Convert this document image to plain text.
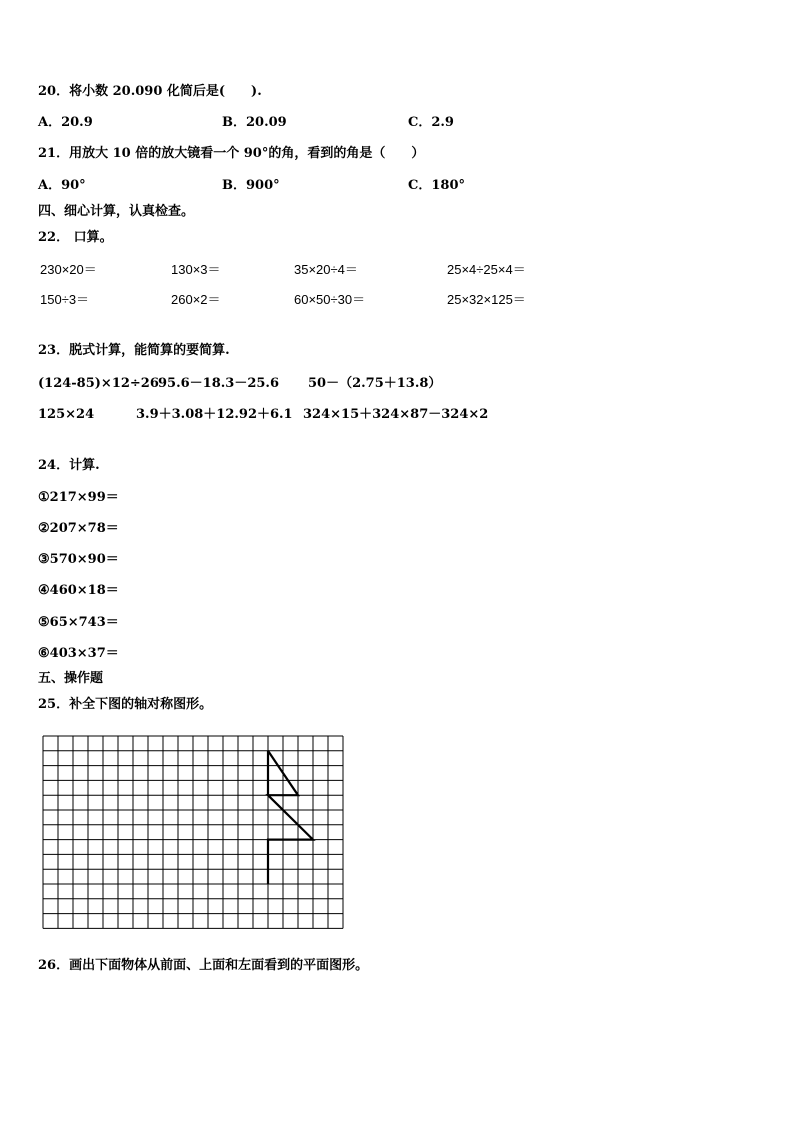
20．将小数 20.090 化简后是(　　).
A．20.9	B．20.09	C．2.9
21．用放大 10 倍的放大镜看一个 90°的角，看到的角是（　　）
A．90°	B．900°	C．180°
四、细心计算，认真检查。
22． 口算。
230×20＝	130×3＝	35×20÷4＝	25×4÷25×4＝
150÷3＝	260×2＝	60×50÷30＝	25×32×125＝
23．脱式计算，能简算的要简算.
(124-85)×12÷26 95.6－18.3－25.6 50－（2.75＋13.8）
125×24	3.9＋3.08＋12.92＋6.1 324×15＋324×87－324×2
24．计算.
①217×99＝
②207×78＝
③570×90＝
④460×18＝
⑤65×743＝
⑥403×37＝
五、操作题
25．补全下图的轴对称图形。
26．画出下面物体从前面、上面和左面看到的平面图形。
